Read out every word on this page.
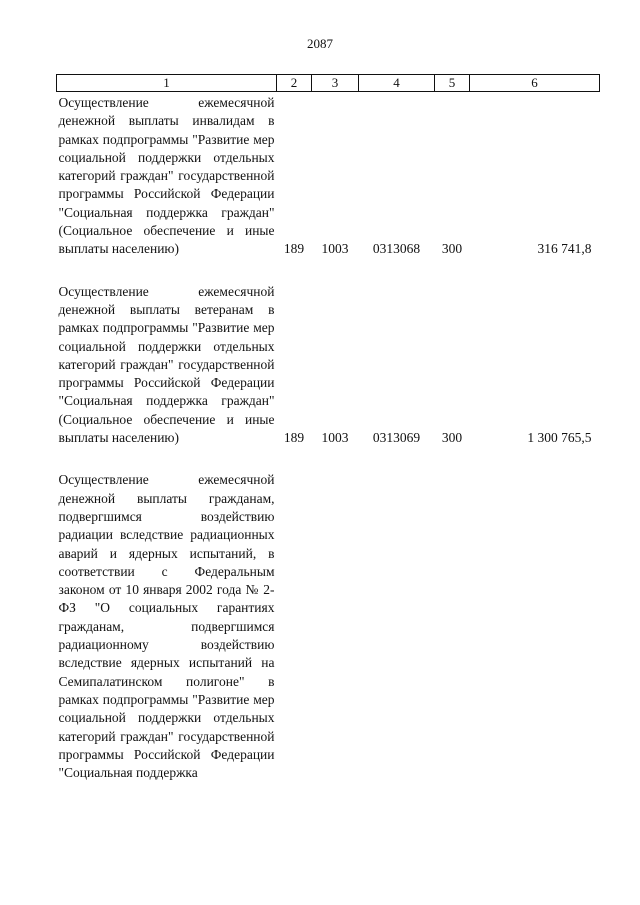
2087
1	2	3	4	5	6
Осуществление ежемесячной денежной выплаты инвалидам в рамках подпрограммы "Развитие мер социальной поддержки отдельных категорий граждан" государственной программы Российской Федерации "Социальная поддержка граждан" (Социальное обеспечение и иные выплаты населению)	189	1003	0313068	300	316 741,8

Осуществление ежемесячной денежной выплаты ветеранам в рамках подпрограммы "Развитие мер социальной поддержки отдельных категорий граждан" государственной программы Российской Федерации "Социальная поддержка граждан" (Социальное обеспечение и иные выплаты населению)	189	1003	0313069	300	1 300 765,5

Осуществление ежемесячной денежной выплаты гражданам, подвергшимся воздействию радиации вследствие радиационных аварий и ядерных испытаний, в соответствии с Федеральным законом от 10 января 2002 года № 2-ФЗ "О социальных гарантиях гражданам, подвергшимся радиационному воздействию вследствие ядерных испытаний на Семипалатинском полигоне" в рамках подпрограммы "Развитие мер социальной поддержки отдельных категорий граждан" государственной программы Российской Федерации "Социальная поддержка					
